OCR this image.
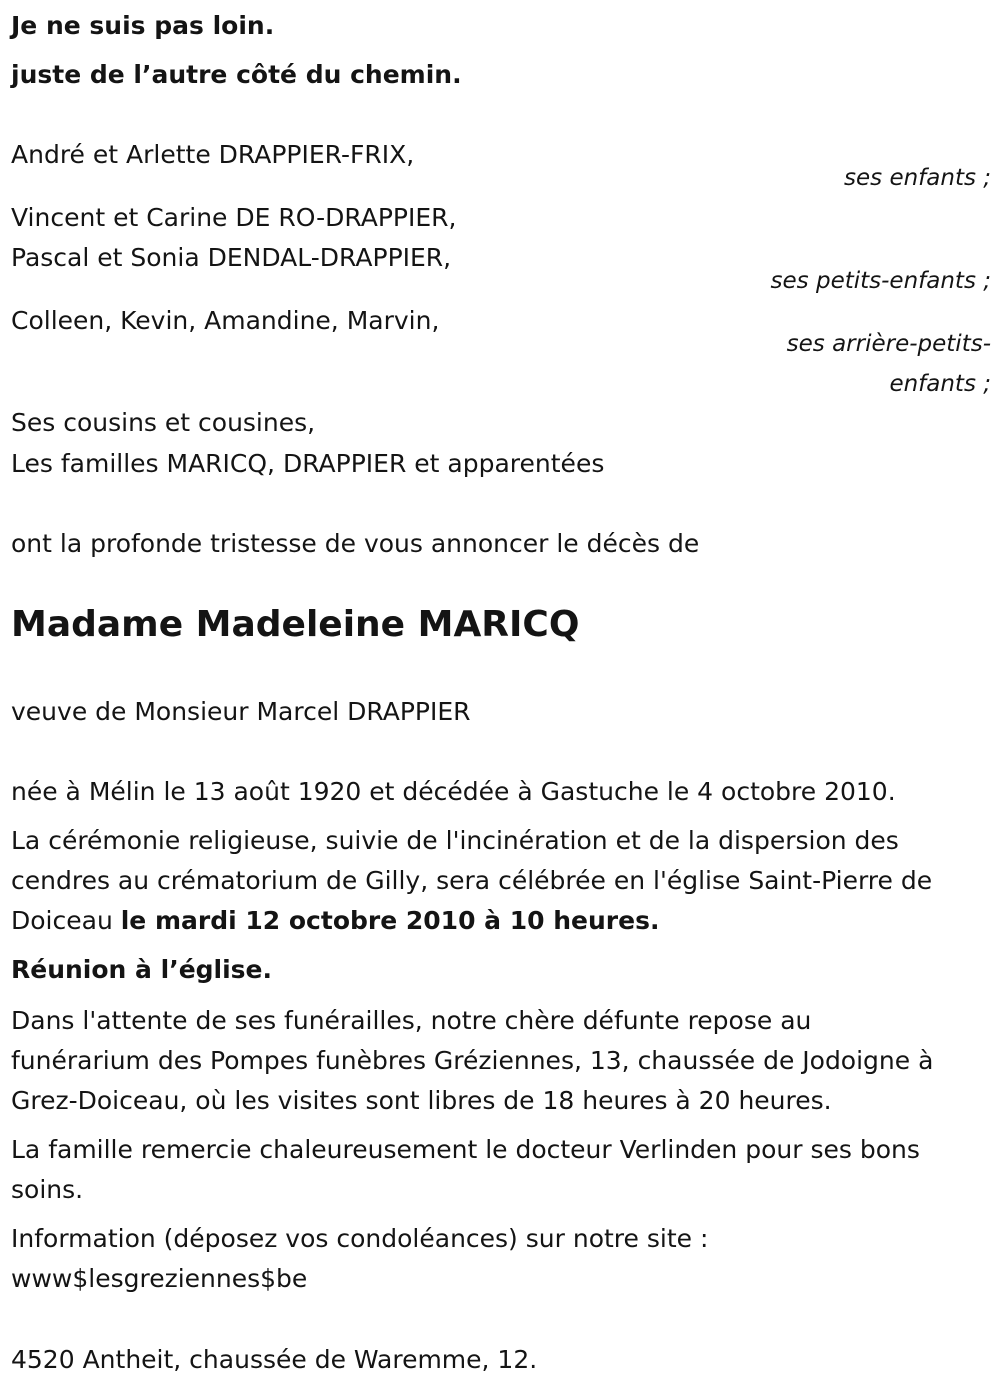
Je ne suis pas loin.
juste de l’autre côté du chemin.
André et Arlette DRAPPIER-FRIX,
ses enfants ;
Vincent et Carine DE RO-DRAPPIER,
Pascal et Sonia DENDAL-DRAPPIER,
ses petits-enfants ;
Colleen, Kevin, Amandine, Marvin,
ses arrière-petits-
enfants ;
Ses cousins et cousines,
Les familles MARICQ, DRAPPIER et apparentées
ont la profonde tristesse de vous annoncer le décès de
Madame Madeleine MARICQ
veuve de Monsieur Marcel DRAPPIER
née à Mélin le 13 août 1920 et décédée à Gastuche le 4 octobre 2010.
La cérémonie religieuse, suivie de l'incinération et de la dispersion des
cendres au crématorium de Gilly, sera célébrée en l'église Saint-Pierre de
Doiceau le mardi 12 octobre 2010 à 10 heures.
Réunion à l’église.
Dans l'attente de ses funérailles, notre chère défunte repose au
funérarium des Pompes funèbres Gréziennes, 13, chaussée de Jodoigne à
Grez-Doiceau, où les visites sont libres de 18 heures à 20 heures.
La famille remercie chaleureusement le docteur Verlinden pour ses bons
soins.
Information (déposez vos condoléances) sur notre site :
www$lesgreziennes$be
4520 Antheit, chaussée de Waremme, 12.
